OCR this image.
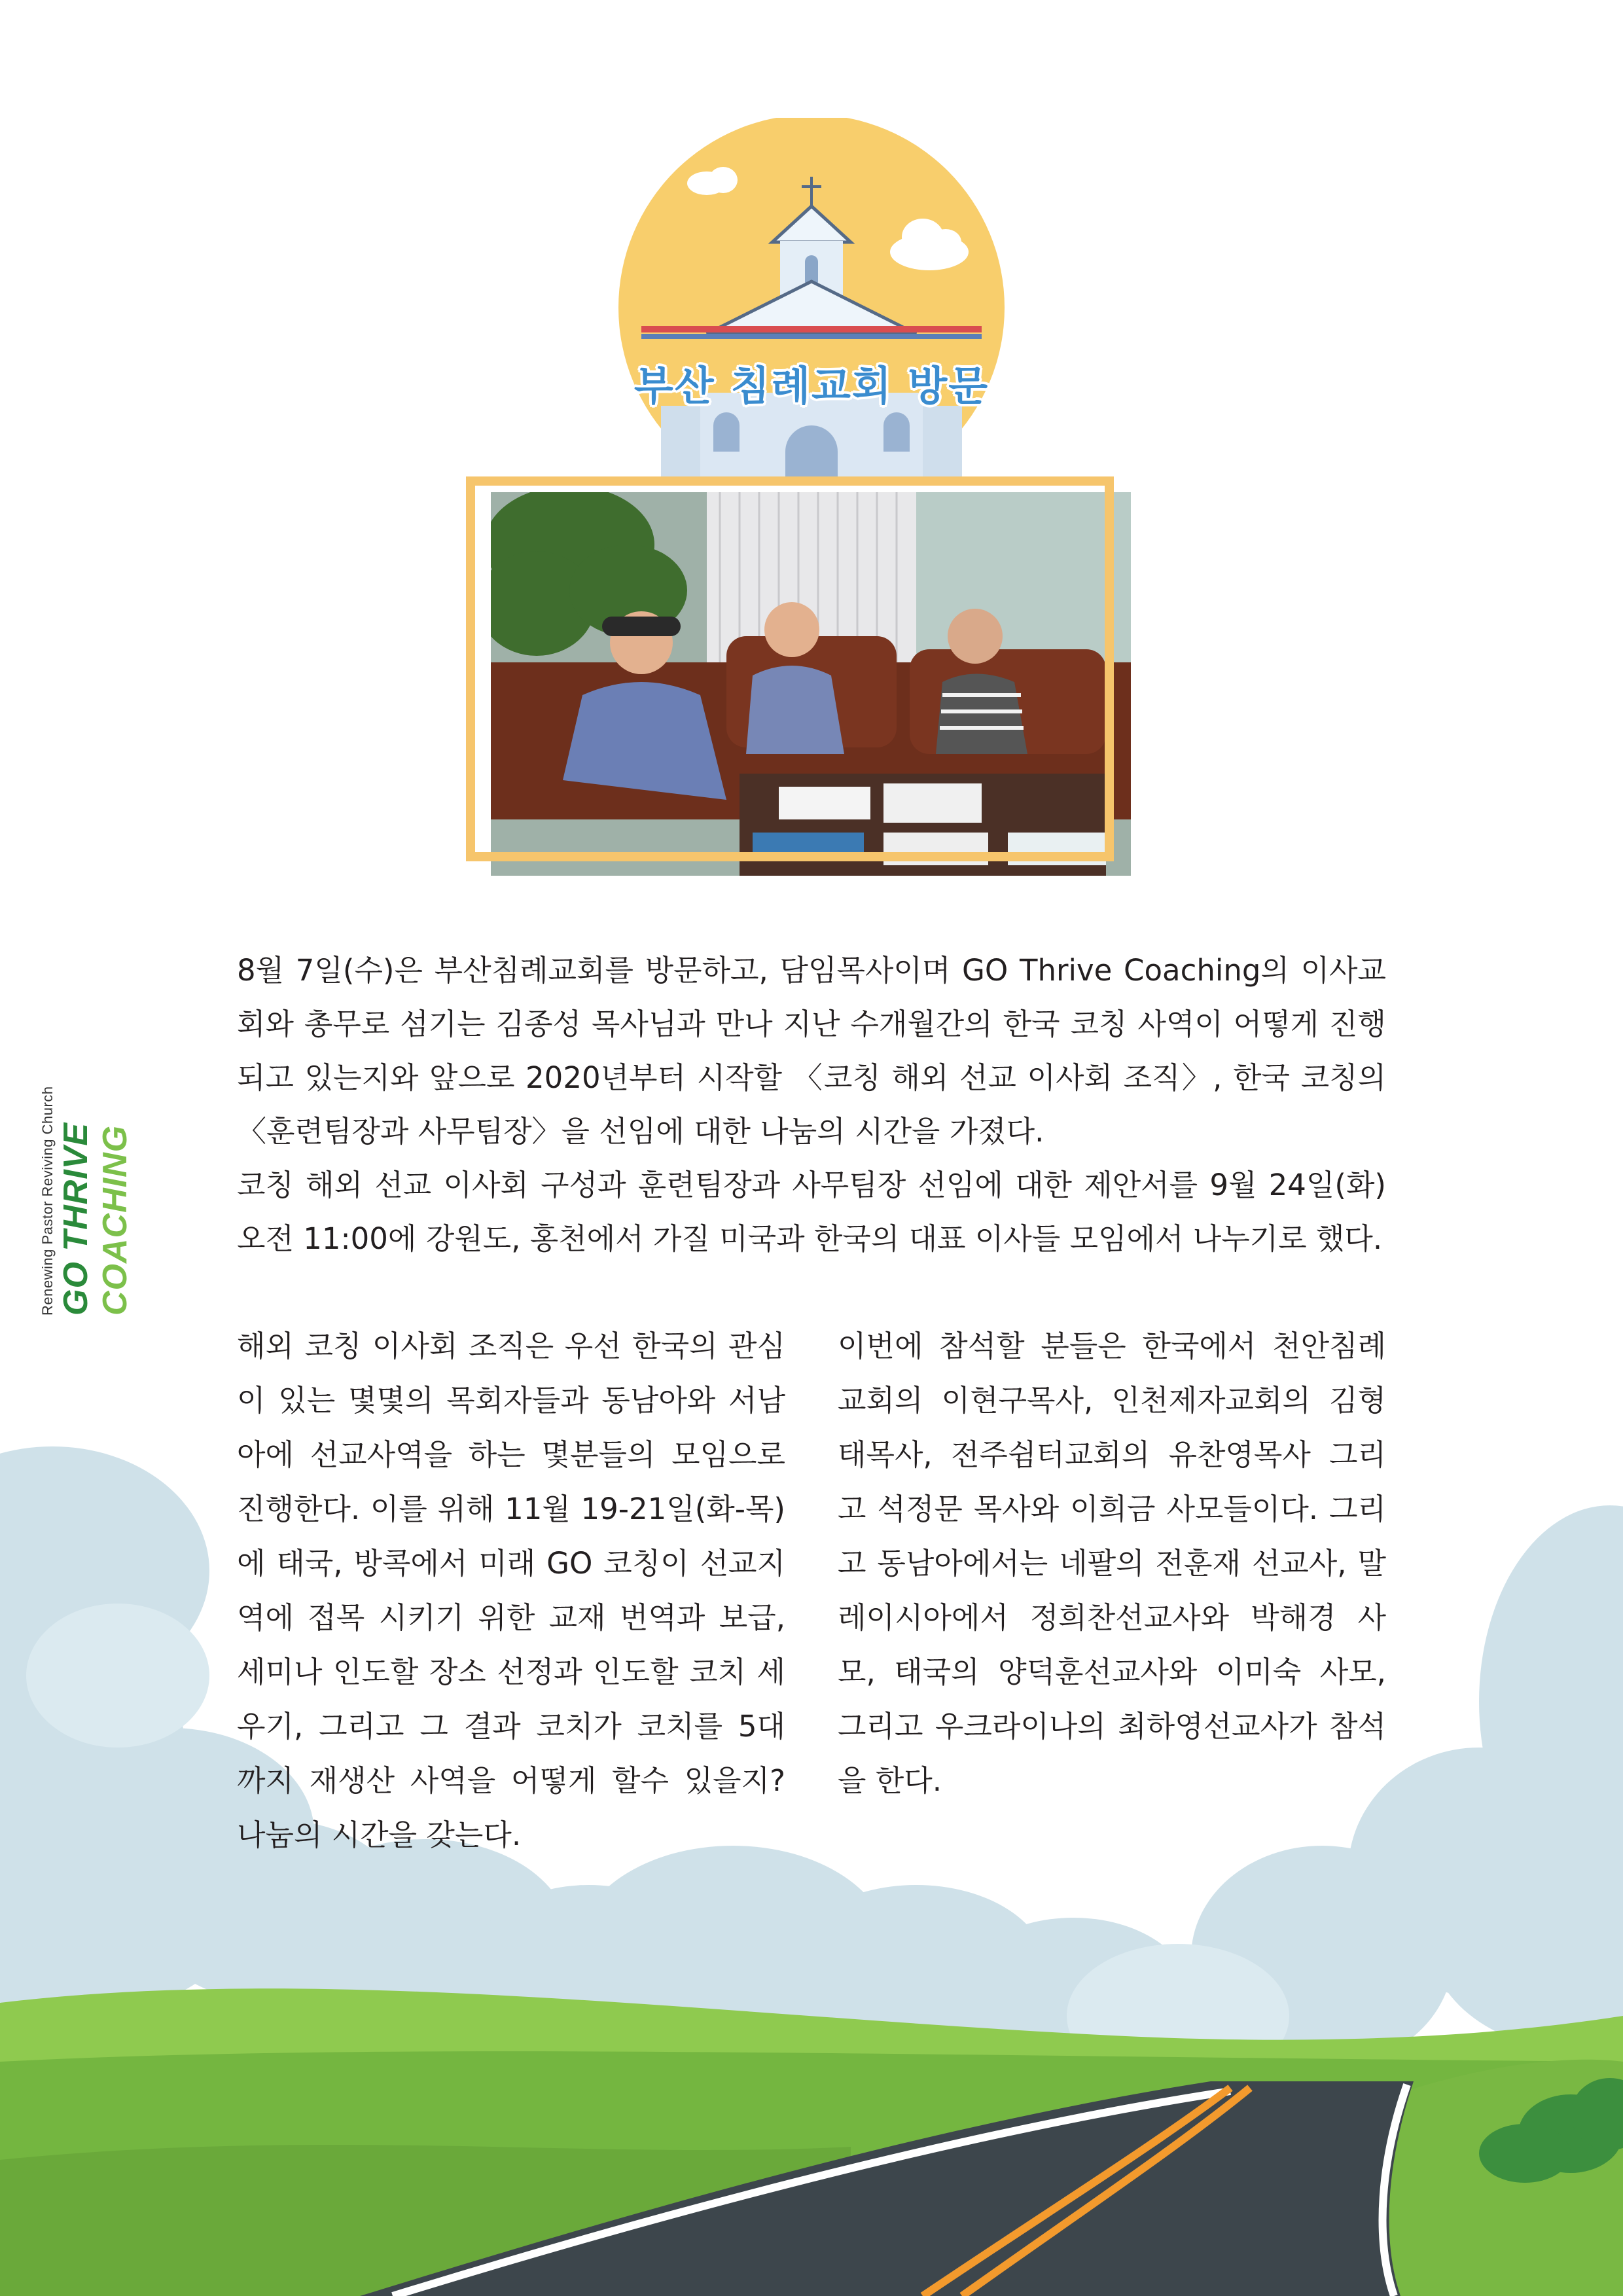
Renewing Pastor Reviving Church GO THRIVE COACHING
부산 침례교회 방문

8월 7일(수)은 부산침례교회를 방문하고, 담임목사이며 GO Thrive Coaching의 이사교회와 총무로 섬기는 김종성 목사님과 만나 지난 수개월간의 한국 코칭 사역이 어떻게 진행되고 있는지와 앞으로 2020년부터 시작할 〈코칭 해외 선교 이사회 조직〉, 한국 코칭의 〈훈련팀장과 사무팀장〉을 선임에 대한 나눔의 시간을 가졌다.

코칭 해외 선교 이사회 구성과 훈련팀장과 사무팀장 선임에 대한 제안서를 9월 24일(화) 오전 11:00에 강원도, 홍천에서 가질 미국과 한국의 대표 이사들 모임에서 나누기로 했다.

해외 코칭 이사회 조직은 우선 한국의 관심이 있는 몇몇의 목회자들과 동남아와 서남아에 선교사역을 하는 몇분들의 모임으로 진행한다. 이를 위해 11월 19-21일(화-목)에 태국, 방콕에서 미래 GO 코칭이 선교지역에 접목 시키기 위한 교재 번역과 보급, 세미나 인도할 장소 선정과 인도할 코치 세우기, 그리고 그 결과 코치가 코치를 5대 까지 재생산 사역을 어떻게 할수 있을지? 나눔의 시간을 갖는다.
이번에 참석할 분들은 한국에서 천안침례교회의 이현구목사, 인천제자교회의 김형태목사, 전주쉼터교회의 유찬영목사 그리고 석정문 목사와 이희금 사모들이다. 그리고 동남아에서는 네팔의 전훈재 선교사, 말레이시아에서 정희찬선교사와 박해경 사모, 태국의 양덕훈선교사와 이미숙 사모, 그리고 우크라이나의 최하영선교사가 참석을 한다.
